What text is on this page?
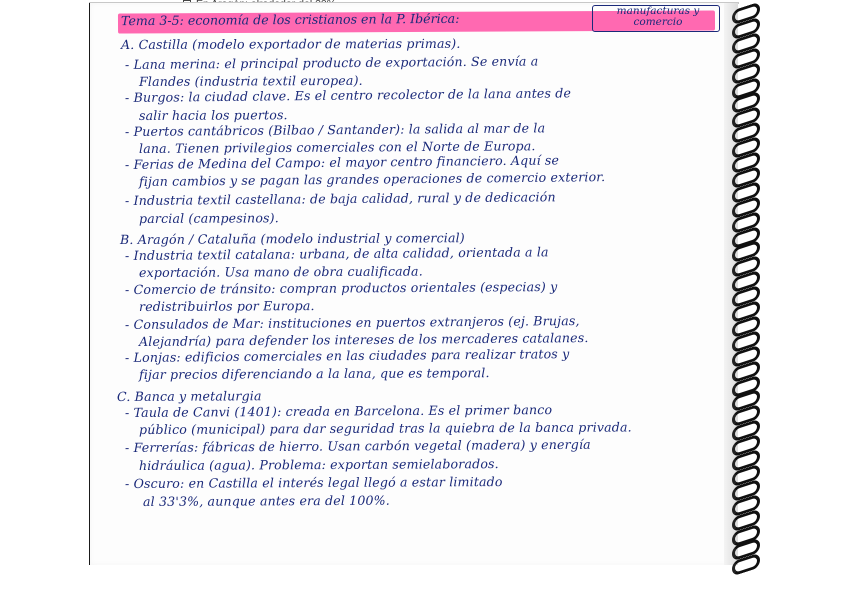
Tema 3-5: economía de los cristianos en la P. Ibérica:	manufacturas y comercio
A. Castilla (modelo exportador de materias primas).
- Lana merina: el principal producto de exportación. Se envía a
Flandes (industria textil europea).
- Burgos: la ciudad clave. Es el centro recolector de la lana antes de
salir hacia los puertos.
- Puertos cantábricos (Bilbao / Santander): la salida al mar de la
lana. Tienen privilegios comerciales con el Norte de Europa.
- Ferias de Medina del Campo: el mayor centro financiero. Aquí se
fijan cambios y se pagan las grandes operaciones de comercio exterior.
- Industria textil castellana: de baja calidad, rural y de dedicación
parcial (campesinos).
B. Aragón / Cataluña (modelo industrial y comercial)
- Industria textil catalana: urbana, de alta calidad, orientada a la
exportación. Usa mano de obra cualificada.
- Comercio de tránsito: compran productos orientales (especias) y
redistribuirlos por Europa.
- Consulados de Mar: instituciones en puertos extranjeros (ej. Brujas,
Alejandría) para defender los intereses de los mercaderes catalanes.
- Lonjas: edificios comerciales en las ciudades para realizar tratos y
fijar precios diferenciando a la lana, que es temporal.
C. Banca y metalurgia
- Taula de Canvi (1401): creada en Barcelona. Es el primer banco
público (municipal) para dar seguridad tras la quiebra de la banca privada.
- Ferrerías: fábricas de hierro. Usan carbón vegetal (madera) y energía
hidráulica (agua). Problema: exportan semielaborados.
- Oscuro: en Castilla el interés legal llegó a estar limitado
al 33'3%, aunque antes era del 100%.
